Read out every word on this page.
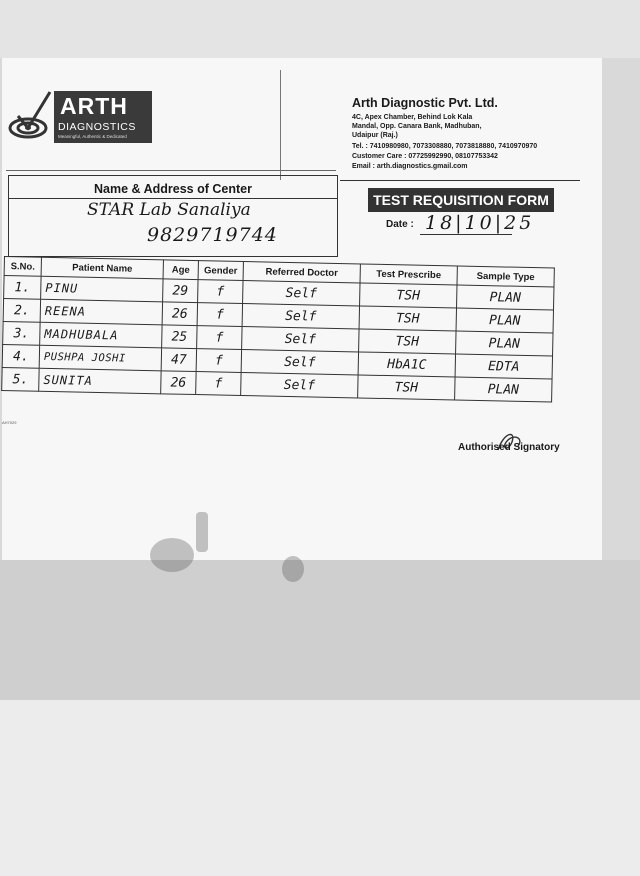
ARTH
DIAGNOSTICS
Meaningful, Authentic & Dedicated
Arth Diagnostic Pvt. Ltd.
4C, Apex Chamber, Behind Lok Kala
Mandal, Opp. Canara Bank, Madhuban,
Udaipur (Raj.)
Tel. : 7410980980, 7073308880, 7073818880, 7410970970
Customer Care : 07725992990, 08107753342
Email : arth.diagnostics.gmail.com
Name & Address of Center
STAR Lab Sanaliya
9829719744
TEST REQUISITION FORM
Date : 18|10|25
S.No.	Patient Name	Age	Gender	Referred Doctor	Test Prescribe	Sample Type
1.	PINU	29	f	Self	TSH	PLAN
2.	REENA	26	f	Self	TSH	PLAN
3.	MADHUBALA	25	f	Self	TSH	PLAN
4.	PUSHPA JOSHI	47	f	Self	HbA1C	EDTA
5.	SUNITA	26	f	Self	TSH	PLAN
AH7029
Authorised Signatory
